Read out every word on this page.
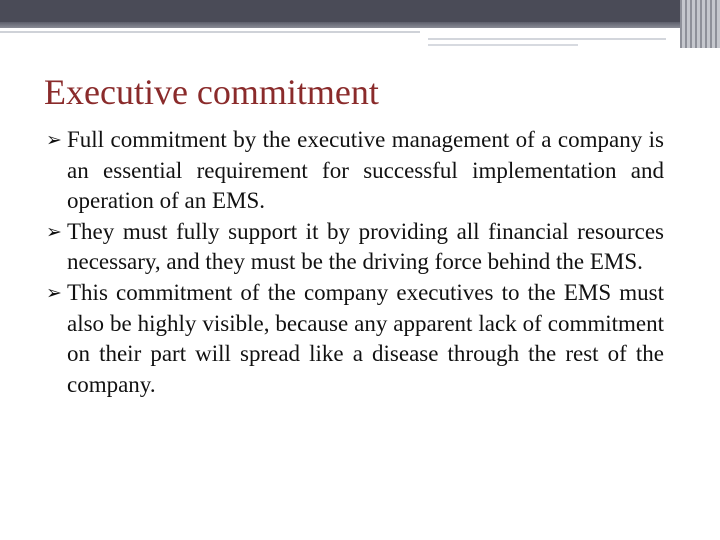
Executive commitment
➢ Full commitment by the executive management of a company is an essential requirement for successful implementation and operation of an EMS.
➢ They must fully support it by providing all financial resources necessary, and they must be the driving force behind the EMS.
➢ This commitment of the company executives to the EMS must also be highly visible, because any apparent lack of commitment on their part will spread like a disease through the rest of the company.
